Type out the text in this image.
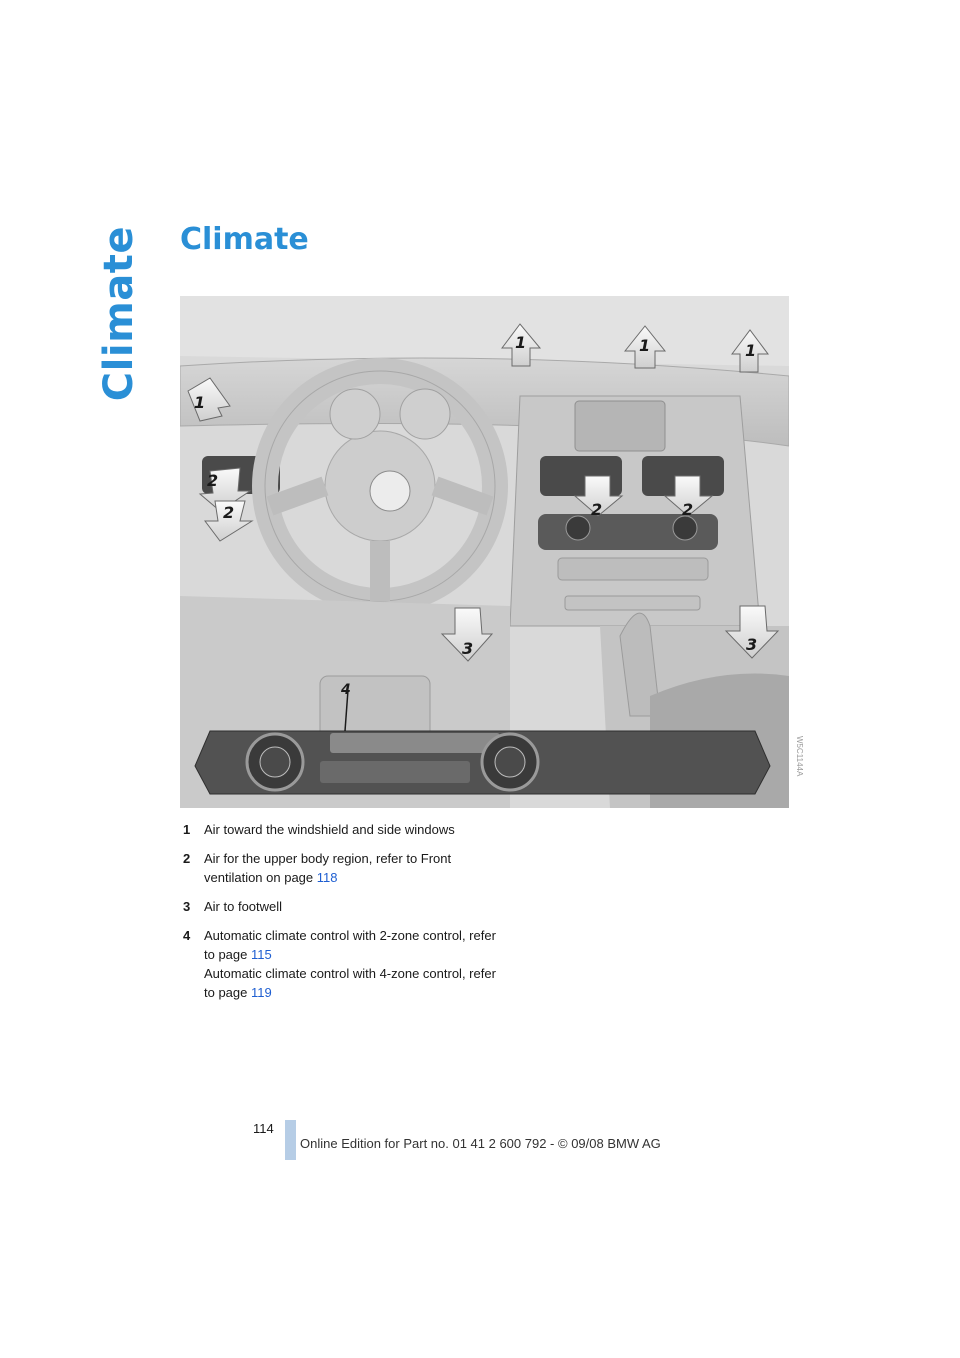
Climate Climate
1	1	1
1
2
2	2	2
3	3
4
W5C1144A
1	Air toward the windshield and side windows
2	Air for the upper body region, refer to Front ventilation on page 118
3	Air to footwell
4	Automatic climate control with 2-zone control, refer to page 115
Automatic climate control with 4-zone control, refer to page 119
114
Online Edition for Part no. 01 41 2 600 792 - © 09/08 BMW AG
